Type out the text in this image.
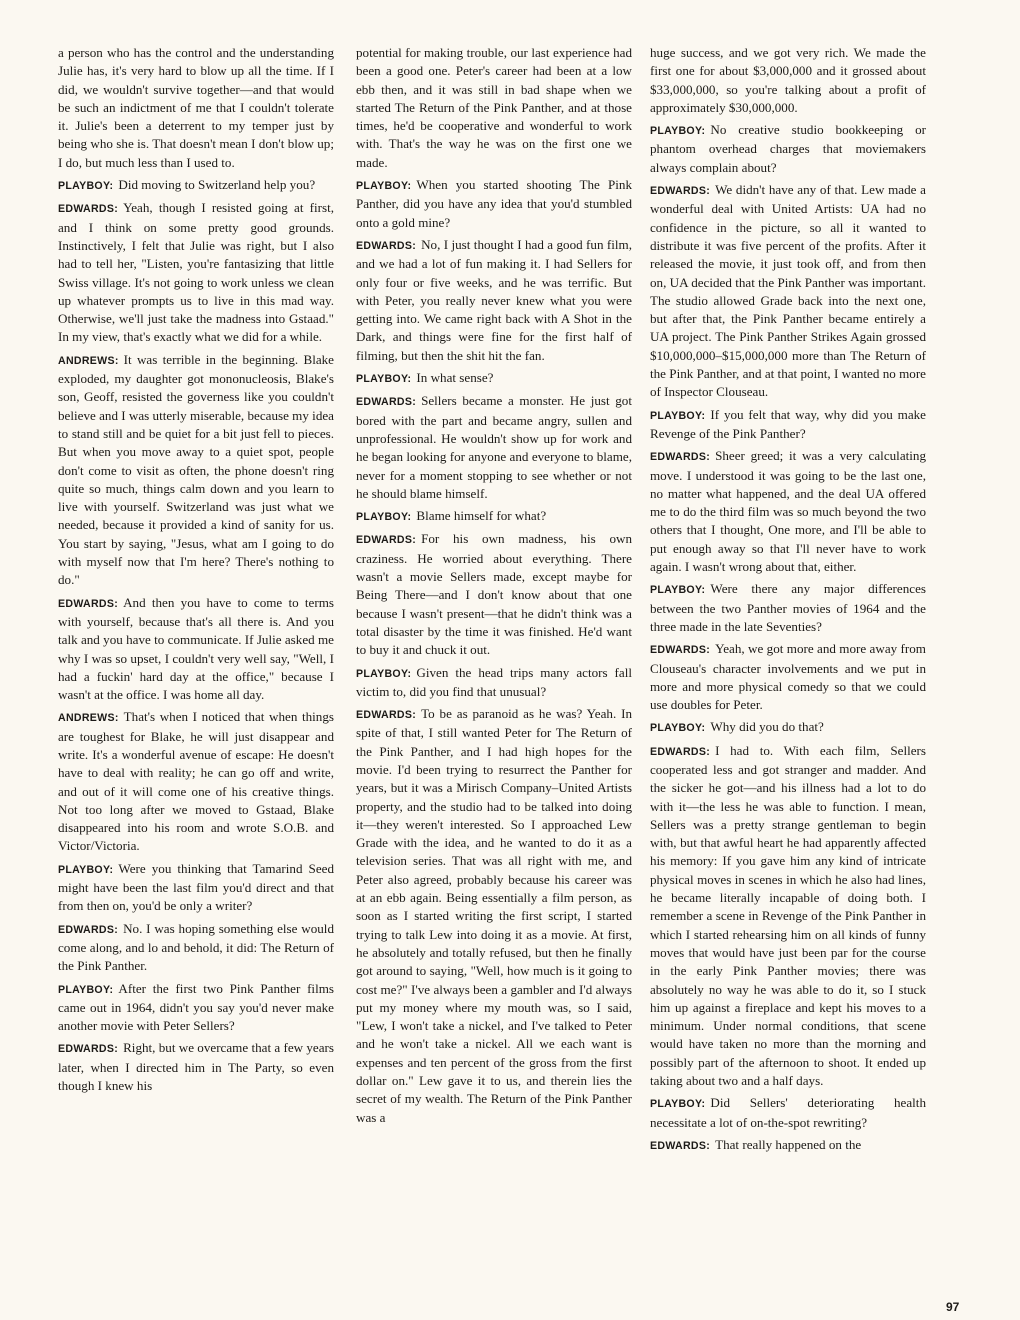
a person who has the control and the understanding Julie has, it's very hard to blow up all the time. If I did, we wouldn't survive together—and that would be such an indictment of me that I couldn't tolerate it. Julie's been a deterrent to my temper just by being who she is. That doesn't mean I don't blow up; I do, but much less than I used to.

PLAYBOY: Did moving to Switzerland help you?

EDWARDS: Yeah, though I resisted going at first, and I think on some pretty good grounds. Instinctively, I felt that Julie was right, but I also had to tell her, "Listen, you're fantasizing that little Swiss village. It's not going to work unless we clean up whatever prompts us to live in this mad way. Otherwise, we'll just take the madness into Gstaad." In my view, that's exactly what we did for a while.

ANDREWS: It was terrible in the beginning. Blake exploded, my daughter got mononucleosis, Blake's son, Geoff, resisted the governess like you couldn't believe and I was utterly miserable, because my idea to stand still and be quiet for a bit just fell to pieces. But when you move away to a quiet spot, people don't come to visit as often, the phone doesn't ring quite so much, things calm down and you learn to live with yourself. Switzerland was just what we needed, because it provided a kind of sanity for us. You start by saying, "Jesus, what am I going to do with myself now that I'm here? There's nothing to do."

EDWARDS: And then you have to come to terms with yourself, because that's all there is. And you talk and you have to communicate. If Julie asked me why I was so upset, I couldn't very well say, "Well, I had a fuckin' hard day at the office," because I wasn't at the office. I was home all day.

ANDREWS: That's when I noticed that when things are toughest for Blake, he will just disappear and write. It's a wonderful avenue of escape: He doesn't have to deal with reality; he can go off and write, and out of it will come one of his creative things. Not too long after we moved to Gstaad, Blake disappeared into his room and wrote S.O.B. and Victor/Victoria.

PLAYBOY: Were you thinking that Tamarind Seed might have been the last film you'd direct and that from then on, you'd be only a writer?

EDWARDS: No. I was hoping something else would come along, and lo and behold, it did: The Return of the Pink Panther.

PLAYBOY: After the first two Pink Panther films came out in 1964, didn't you say you'd never make another movie with Peter Sellers?

EDWARDS: Right, but we overcame that a few years later, when I directed him in The Party, so even though I knew his

potential for making trouble, our last experience had been a good one. Peter's career had been at a low ebb then, and it was still in bad shape when we started The Return of the Pink Panther, and at those times, he'd be cooperative and wonderful to work with. That's the way he was on the first one we made.

PLAYBOY: When you started shooting The Pink Panther, did you have any idea that you'd stumbled onto a gold mine?

EDWARDS: No, I just thought I had a good fun film, and we had a lot of fun making it. I had Sellers for only four or five weeks, and he was terrific. But with Peter, you really never knew what you were getting into. We came right back with A Shot in the Dark, and things were fine for the first half of filming, but then the shit hit the fan.

PLAYBOY: In what sense?

EDWARDS: Sellers became a monster. He just got bored with the part and became angry, sullen and unprofessional. He wouldn't show up for work and he began looking for anyone and everyone to blame, never for a moment stopping to see whether or not he should blame himself.

PLAYBOY: Blame himself for what?

EDWARDS: For his own madness, his own craziness. He worried about everything. There wasn't a movie Sellers made, except maybe for Being There—and I don't know about that one because I wasn't present—that he didn't think was a total disaster by the time it was finished. He'd want to buy it and chuck it out.

PLAYBOY: Given the head trips many actors fall victim to, did you find that unusual?

EDWARDS: To be as paranoid as he was? Yeah. In spite of that, I still wanted Peter for The Return of the Pink Panther, and I had high hopes for the movie. I'd been trying to resurrect the Panther for years, but it was a Mirisch Company–United Artists property, and the studio had to be talked into doing it—they weren't interested. So I approached Lew Grade with the idea, and he wanted to do it as a television series. That was all right with me, and Peter also agreed, probably because his career was at an ebb again. Being essentially a film person, as soon as I started writing the first script, I started trying to talk Lew into doing it as a movie. At first, he absolutely and totally refused, but then he finally got around to saying, "Well, how much is it going to cost me?" I've always been a gambler and I'd always put my money where my mouth was, so I said, "Lew, I won't take a nickel, and I've talked to Peter and he won't take a nickel. All we each want is expenses and ten percent of the gross from the first dollar on." Lew gave it to us, and therein lies the secret of my wealth. The Return of the Pink Panther was a

huge success, and we got very rich. We made the first one for about $3,000,000 and it grossed about $33,000,000, so you're talking about a profit of approximately $30,000,000.

PLAYBOY: No creative studio bookkeeping or phantom overhead charges that moviemakers always complain about?

EDWARDS: We didn't have any of that. Lew made a wonderful deal with United Artists: UA had no confidence in the picture, so all it wanted to distribute it was five percent of the profits. After it released the movie, it just took off, and from then on, UA decided that the Pink Panther was important. The studio allowed Grade back into the next one, but after that, the Pink Panther became entirely a UA project. The Pink Panther Strikes Again grossed $10,000,000–$15,000,000 more than The Return of the Pink Panther, and at that point, I wanted no more of Inspector Clouseau.

PLAYBOY: If you felt that way, why did you make Revenge of the Pink Panther?

EDWARDS: Sheer greed; it was a very calculating move. I understood it was going to be the last one, no matter what happened, and the deal UA offered me to do the third film was so much beyond the two others that I thought, One more, and I'll be able to put enough away so that I'll never have to work again. I wasn't wrong about that, either.

PLAYBOY: Were there any major differences between the two Panther movies of 1964 and the three made in the late Seventies?

EDWARDS: Yeah, we got more and more away from Clouseau's character involvements and we put in more and more physical comedy so that we could use doubles for Peter.

PLAYBOY: Why did you do that?

EDWARDS: I had to. With each film, Sellers cooperated less and got stranger and madder. And the sicker he got—and his illness had a lot to do with it—the less he was able to function. I mean, Sellers was a pretty strange gentleman to begin with, but that awful heart he had apparently affected his memory: If you gave him any kind of intricate physical moves in scenes in which he also had lines, he became literally incapable of doing both. I remember a scene in Revenge of the Pink Panther in which I started rehearsing him on all kinds of funny moves that would have just been par for the course in the early Pink Panther movies; there was absolutely no way he was able to do it, so I stuck him up against a fireplace and kept his moves to a minimum. Under normal conditions, that scene would have taken no more than the morning and possibly part of the afternoon to shoot. It ended up taking about two and a half days.

PLAYBOY: Did Sellers' deteriorating health necessitate a lot of on-the-spot rewriting?

EDWARDS: That really happened on the

97
